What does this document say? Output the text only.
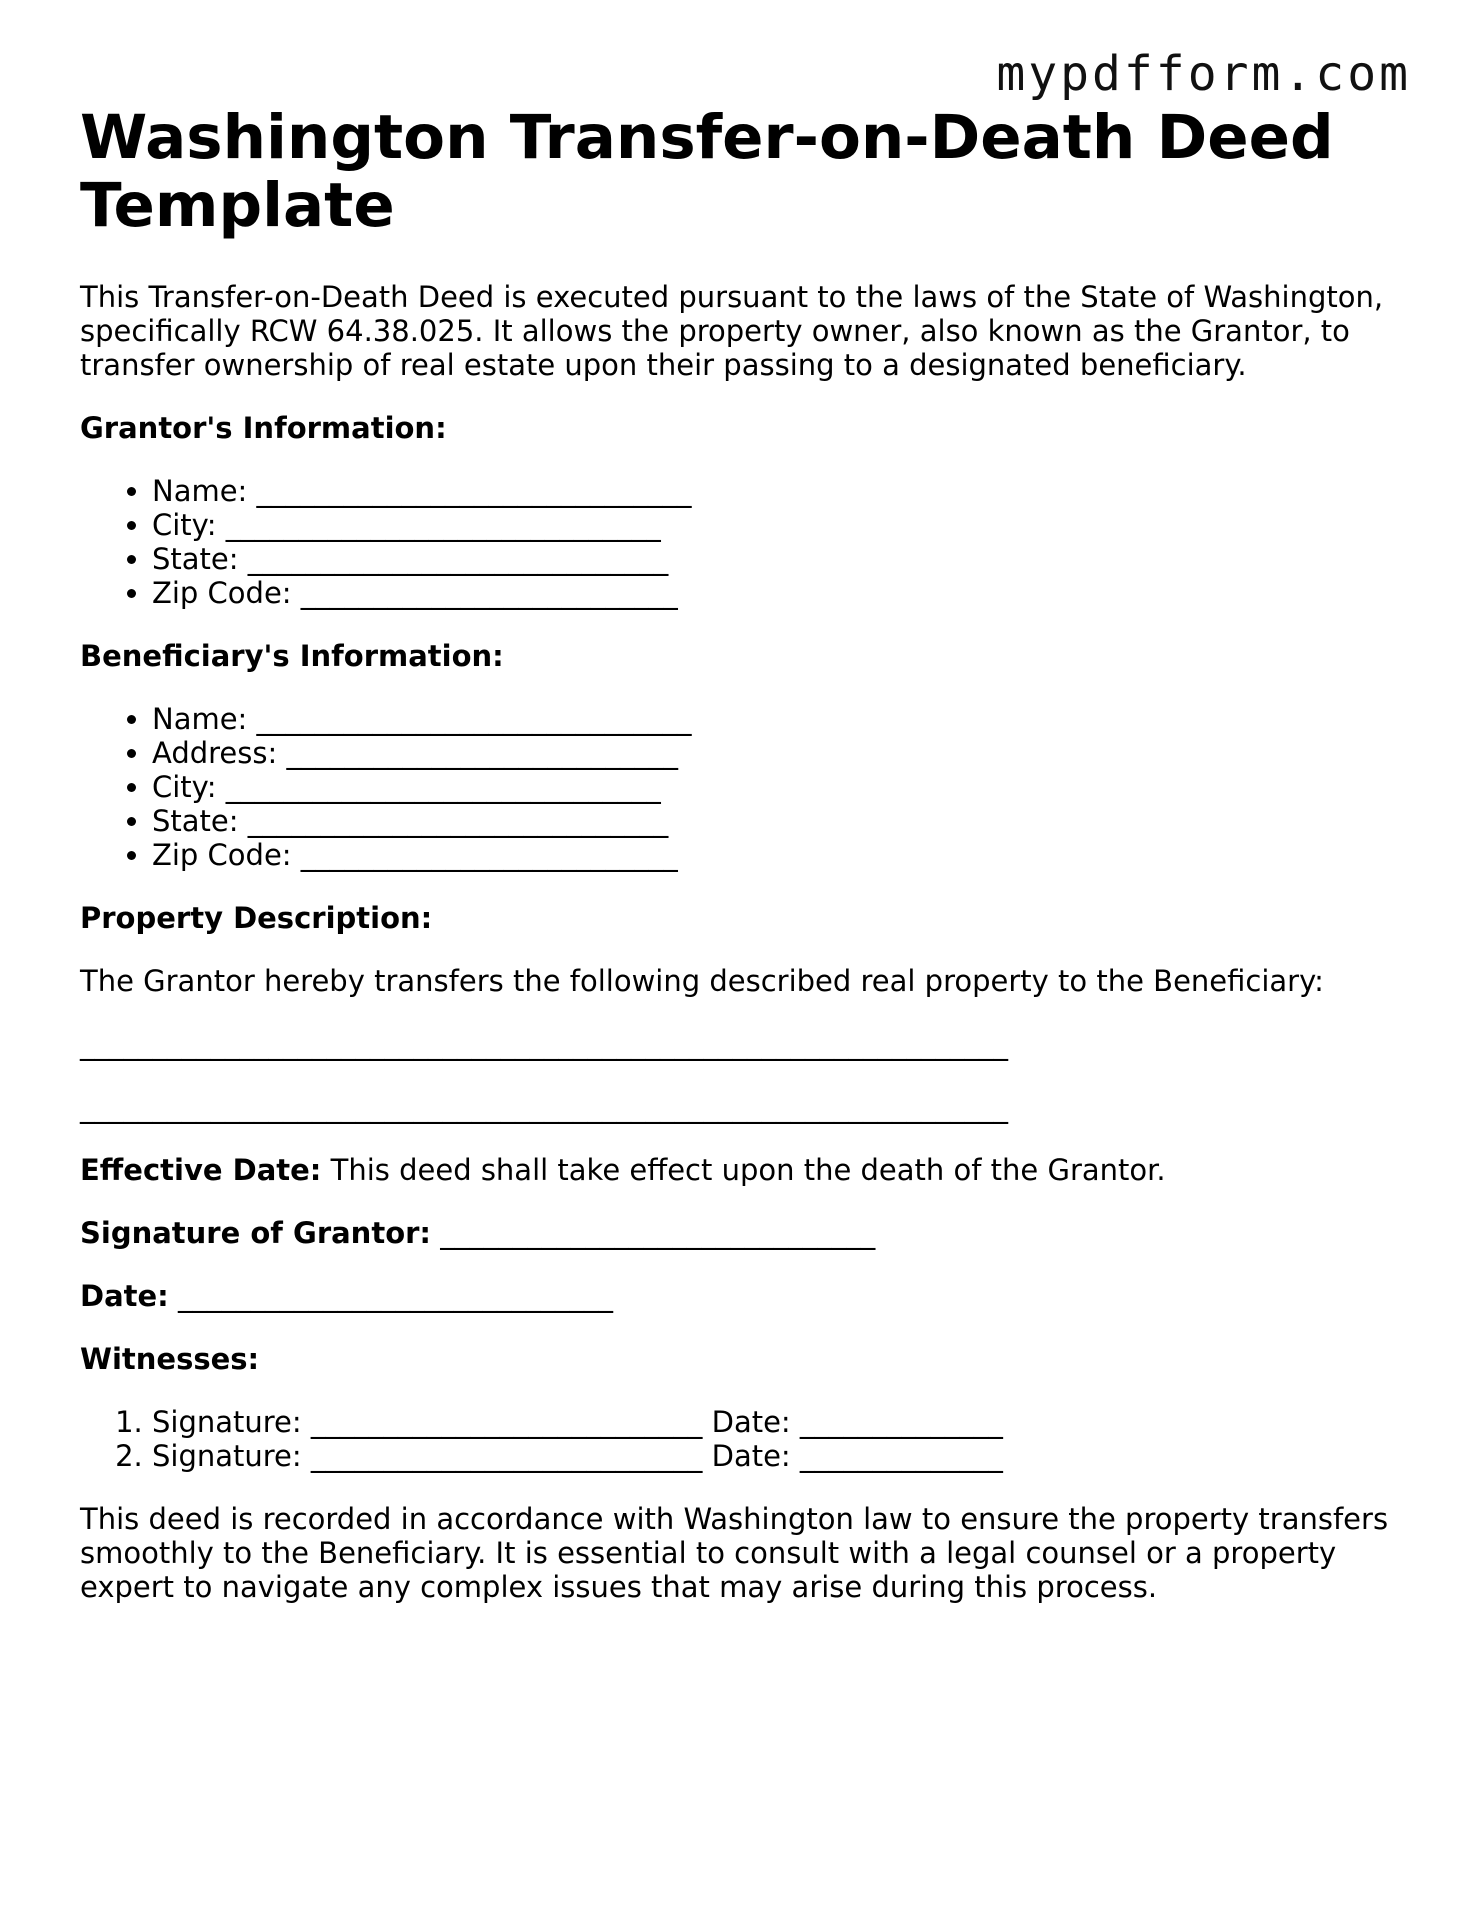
mypdfform.com
Washington Transfer-on-Death Deed Template

This Transfer-on-Death Deed is executed pursuant to the laws of the State of Washington, specifically RCW 64.38.025. It allows the property owner, also known as the Grantor, to transfer ownership of real estate upon their passing to a designated beneficiary.

Grantor's Information:
• Name: ______________________________
• City: ______________________________
• State: _____________________________
• Zip Code: __________________________
Beneficiary's Information:
• Name: ______________________________
• Address: ___________________________
• City: ______________________________
• State: _____________________________
• Zip Code: __________________________
Property Description:

The Grantor hereby transfers the following described real property to the Beneficiary:

________________________________________________________________
________________________________________________________________

Effective Date: This deed shall take effect upon the death of the Grantor.

Signature of Grantor: ______________________________

Date: ______________________________

Witnesses:
1. Signature: ___________________________ Date: ______________
2. Signature: ___________________________ Date: ______________

This deed is recorded in accordance with Washington law to ensure the property transfers smoothly to the Beneficiary. It is essential to consult with a legal counsel or a property expert to navigate any complex issues that may arise during this process.
